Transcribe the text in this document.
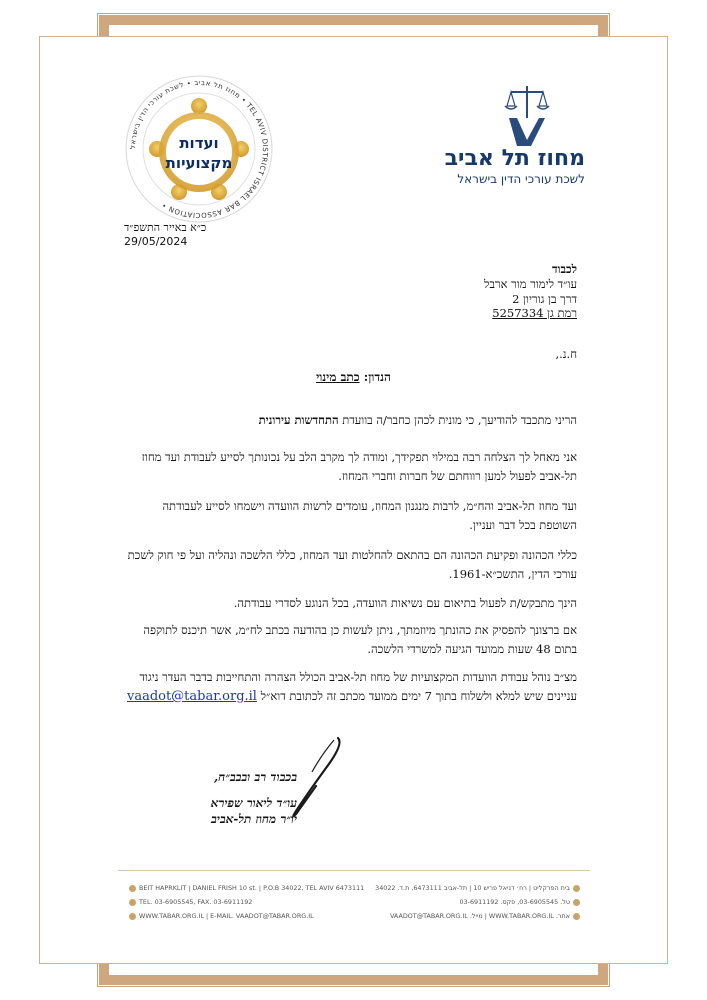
מחוז תל אביב • לשכת עורכי הדין בישראל • TEL AVIV DISTRICT ISRAEL BAR ASSOCIATION •
ועדות
מקצועיות	מחוז תל אביב
לשכת עורכי הדין בישראל
כ״א באייר התשפ״ד
29/05/2024
לכבוד
עו״ד לימור מור ארבל
דרך בן גוריון 2
רמת גן 5257334
ח.נ.,
הנדון: כתב מינוי
הריני מתכבד להודיעך, כי מונית לכהן כחבר/ה בוועדת התחדשות עירונית
אני מאחל לך הצלחה רבה במילוי תפקידך, ומודה לך מקרב הלב על נכונותך לסייע לעבודת ועד מחוז תל-אביב לפעול למען רווחתם של חברות וחברי המחוז.
ועד מחוז תל-אביב והח״מ, לרבות מנגנון המחוז, עומדים לרשות הוועדה וישמחו לסייע לעבודתה השוטפת בכל דבר ועניין.
כללי הכהונה ופקיעת הכהונה הם בהתאם להחלטות ועד המחוז, כללי הלשכה ונהליה ועל פי חוק לשכת עורכי הדין, התשכ״א-1961.
הינך מתבקש/ת לפעול בתיאום עם נשיאות הוועדה, בכל הנוגע לסדרי עבודתה.
אם ברצונך להפסיק את כהונתך מיוזמתך, ניתן לעשות כן בהודעה בכתב לח״מ, אשר תיכנס לתוקפה בתום 48 שעות ממועד הגיעה למשרדי הלשכה.
מצ״ב נוהל עבודת הוועדות המקצועיות של מחוז תל-אביב הכולל הצהרה והתחייבות בדבר העדר ניגוד עניינים שיש למלא ולשלוח בתוך 7 ימים ממועד מכתב זה לכתובת דוא״ל vaadot@tabar.org.il
בכבוד רב ובבב״ח,
עו״ד ליאור שפירא
יו״ר מחוז תל-אביב
BEIT HAPRKLIT | DANIEL FRISH 10 st. | P.O.B 34022, TEL AVIV 6473111
TEL. 03-6905545, FAX. 03-6911192
WWW.TABAR.ORG.IL | E-MAIL. VAADOT@TABAR.ORG.IL
בית הפרקליט | רח׳ דניאל פריש 10 | תל-אביב 6473111, ת.ד. 34022
טל. 03-6905545, פקס. 03-6911192
אתר. WWW.TABAR.ORG.IL | מייל. VAADOT@TABAR.ORG.IL
